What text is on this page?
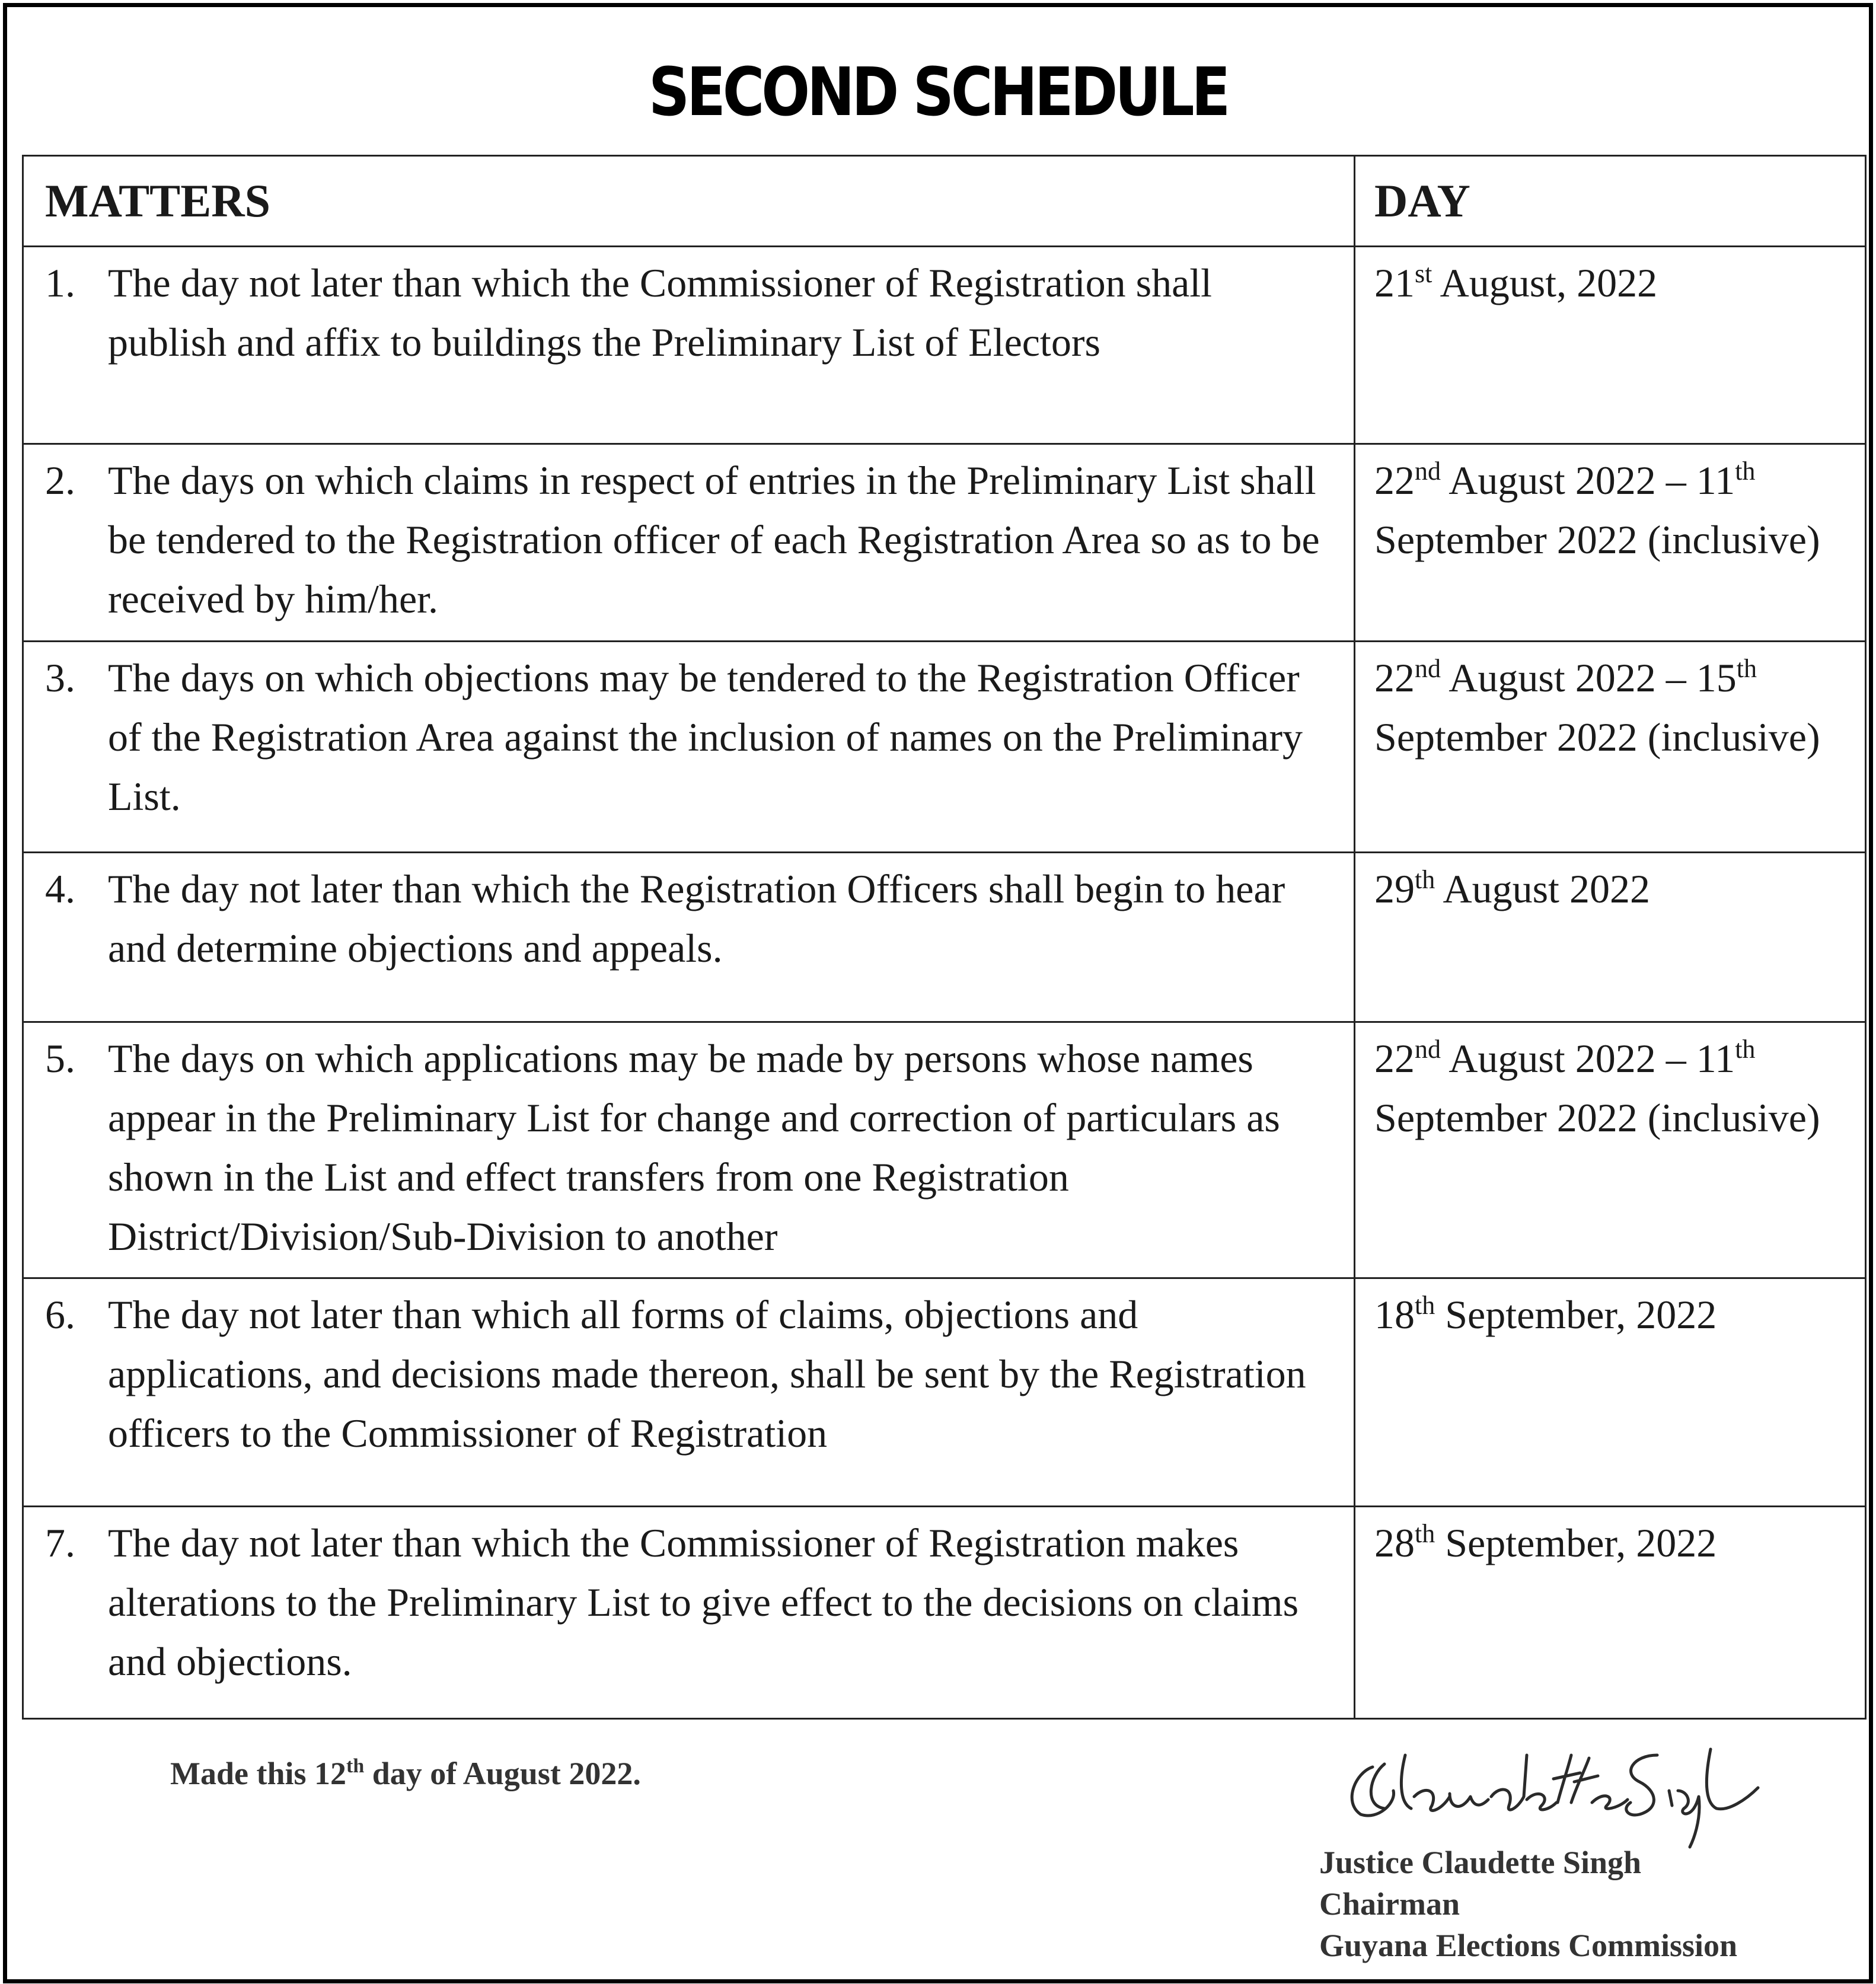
SECOND SCHEDULE
MATTERS	DAY

1. The day not later than which the Commissioner of Registration shall publish and affix to buildings the Preliminary List of Electors	21st August, 2022

2. The days on which claims in respect of entries in the Preliminary List shall be tendered to the Registration officer of each Registration Area so as to be received by him/her.	22nd August 2022 – 11th September 2022 (inclusive)

3. The days on which objections may be tendered to the Registration Officer of the Registration Area against the inclusion of names on the Preliminary List.	22nd August 2022 – 15th September 2022 (inclusive)

4. The day not later than which the Registration Officers shall begin to hear and determine objections and appeals.	29th August 2022

5. The days on which applications may be made by persons whose names appear in the Preliminary List for change and correction of particulars as shown in the List and effect transfers from one Registration District/Division/Sub-Division to another	22nd August 2022 – 11th September 2022 (inclusive)

6. The day not later than which all forms of claims, objections and applications, and decisions made thereon, shall be sent by the Registration officers to the Commissioner of Registration	18th September, 2022

7. The day not later than which the Commissioner of Registration makes alterations to the Preliminary List to give effect to the decisions on claims and objections.	28th September, 2022
Made this 12th day of August 2022.
Justice Claudette Singh
Chairman
Guyana Elections Commission
